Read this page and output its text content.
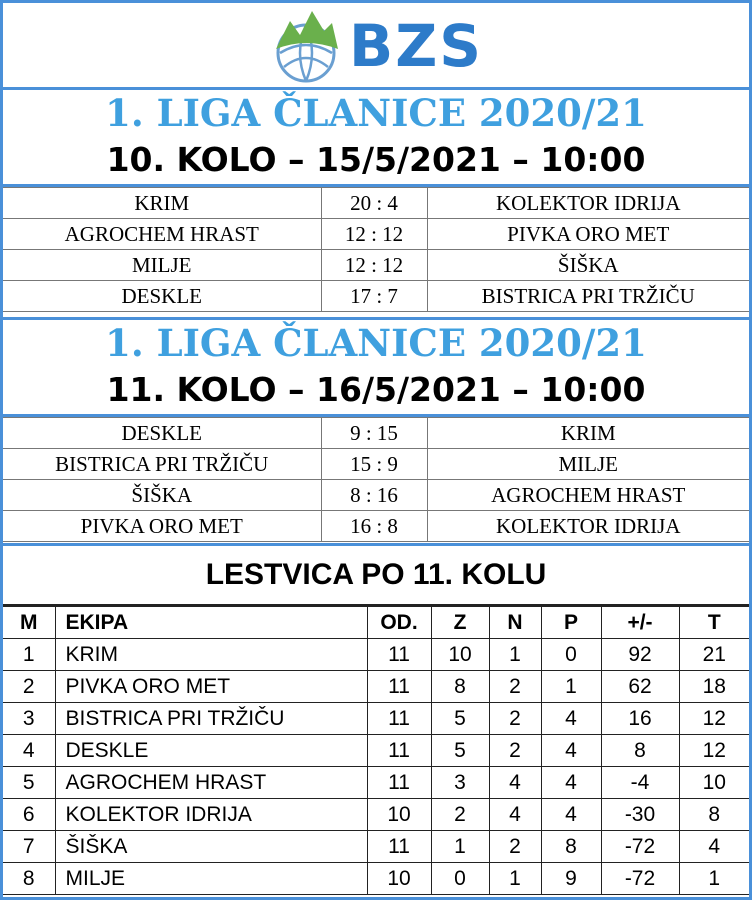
BZS
1. LIGA ČLANICE 2020/21
10. KOLO – 15/5/2021 – 10:00
KRIM	20 : 4	KOLEKTOR IDRIJA
AGROCHEM HRAST	12 : 12	PIVKA ORO MET
MILJE	12 : 12	ŠIŠKA
DESKLE	17 : 7	BISTRICA PRI TRŽIČU
1. LIGA ČLANICE 2020/21
11. KOLO – 16/5/2021 – 10:00
DESKLE	9 : 15	KRIM
BISTRICA PRI TRŽIČU	15 : 9	MILJE
ŠIŠKA	8 : 16	AGROCHEM HRAST
PIVKA ORO MET	16 : 8	KOLEKTOR IDRIJA
LESTVICA PO 11. KOLU
M	EKIPA	OD.	Z	N	P	+/-	T
1	KRIM	11	10	1	0	92	21
2	PIVKA ORO MET	11	8	2	1	62	18
3	BISTRICA PRI TRŽIČU	11	5	2	4	16	12
4	DESKLE	11	5	2	4	8	12
5	AGROCHEM HRAST	11	3	4	4	-4	10
6	KOLEKTOR IDRIJA	10	2	4	4	-30	8
7	ŠIŠKA	11	1	2	8	-72	4
8	MILJE	10	0	1	9	-72	1
